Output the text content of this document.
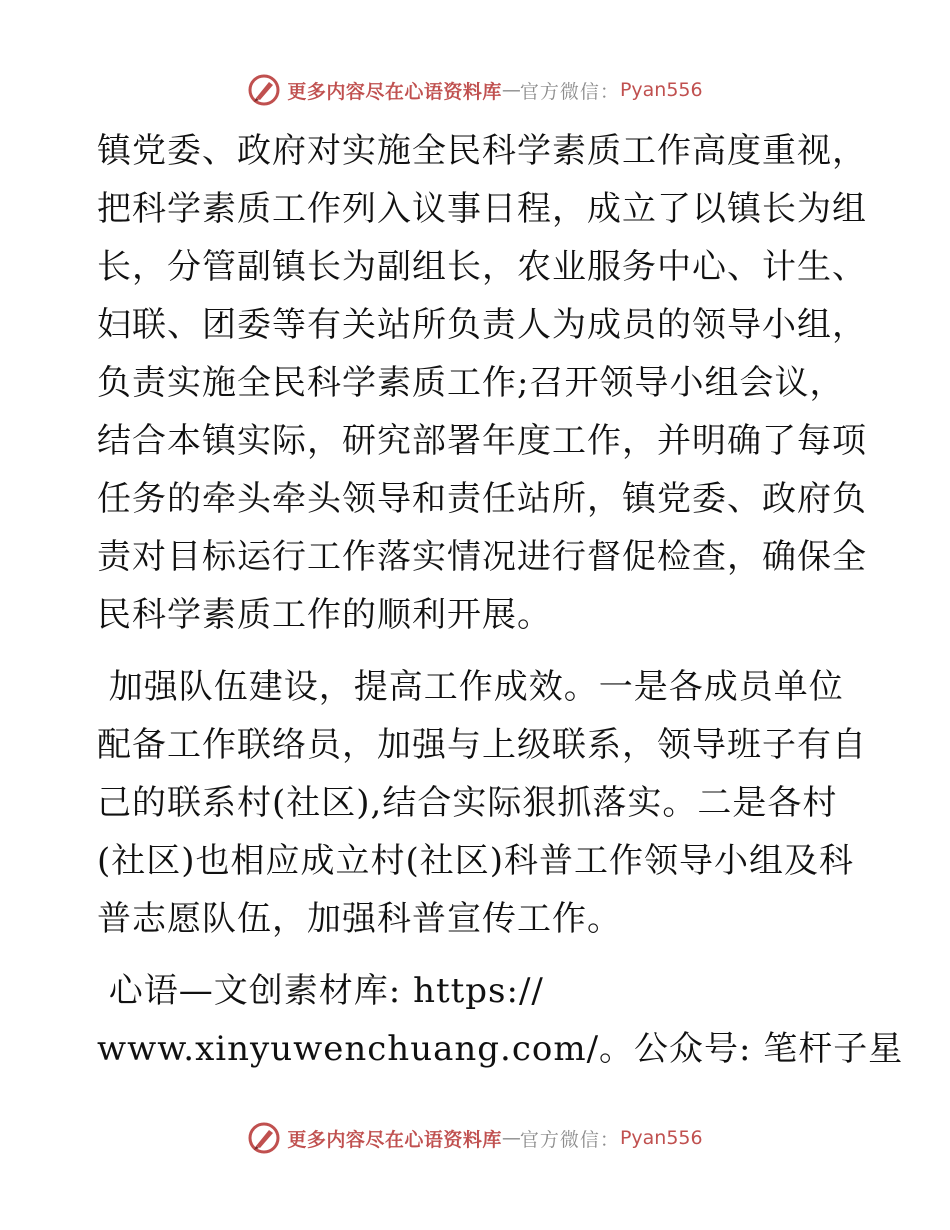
更多内容尽在心语资料库 — 官方微信： Pyan556
镇党委、政府对实施全民科学素质工作高度重视，
把科学素质工作列入议事日程，成立了以镇长为组
长，分管副镇长为副组长，农业服务中心、计生、
妇联、团委等有关站所负责人为成员的领导小组，
负责实施全民科学素质工作;召开领导小组会议，
结合本镇实际，研究部署年度工作，并明确了每项
任务的牵头牵头领导和责任站所，镇党委、政府负
责对目标运行工作落实情况进行督促检查，确保全
民科学素质工作的顺利开展。
加强队伍建设，提高工作成效。一是各成员单位
配备工作联络员，加强与上级联系，领导班子有自
己的联系村(社区),结合实际狠抓落实。二是各村
(社区)也相应成立村(社区)科普工作领导小组及科
普志愿队伍，加强科普宣传工作。
心语—文创素材库: https://
www.xinyuwenchuang.com/。公众号: 笔杆子星
更多内容尽在心语资料库 — 官方微信： Pyan556
